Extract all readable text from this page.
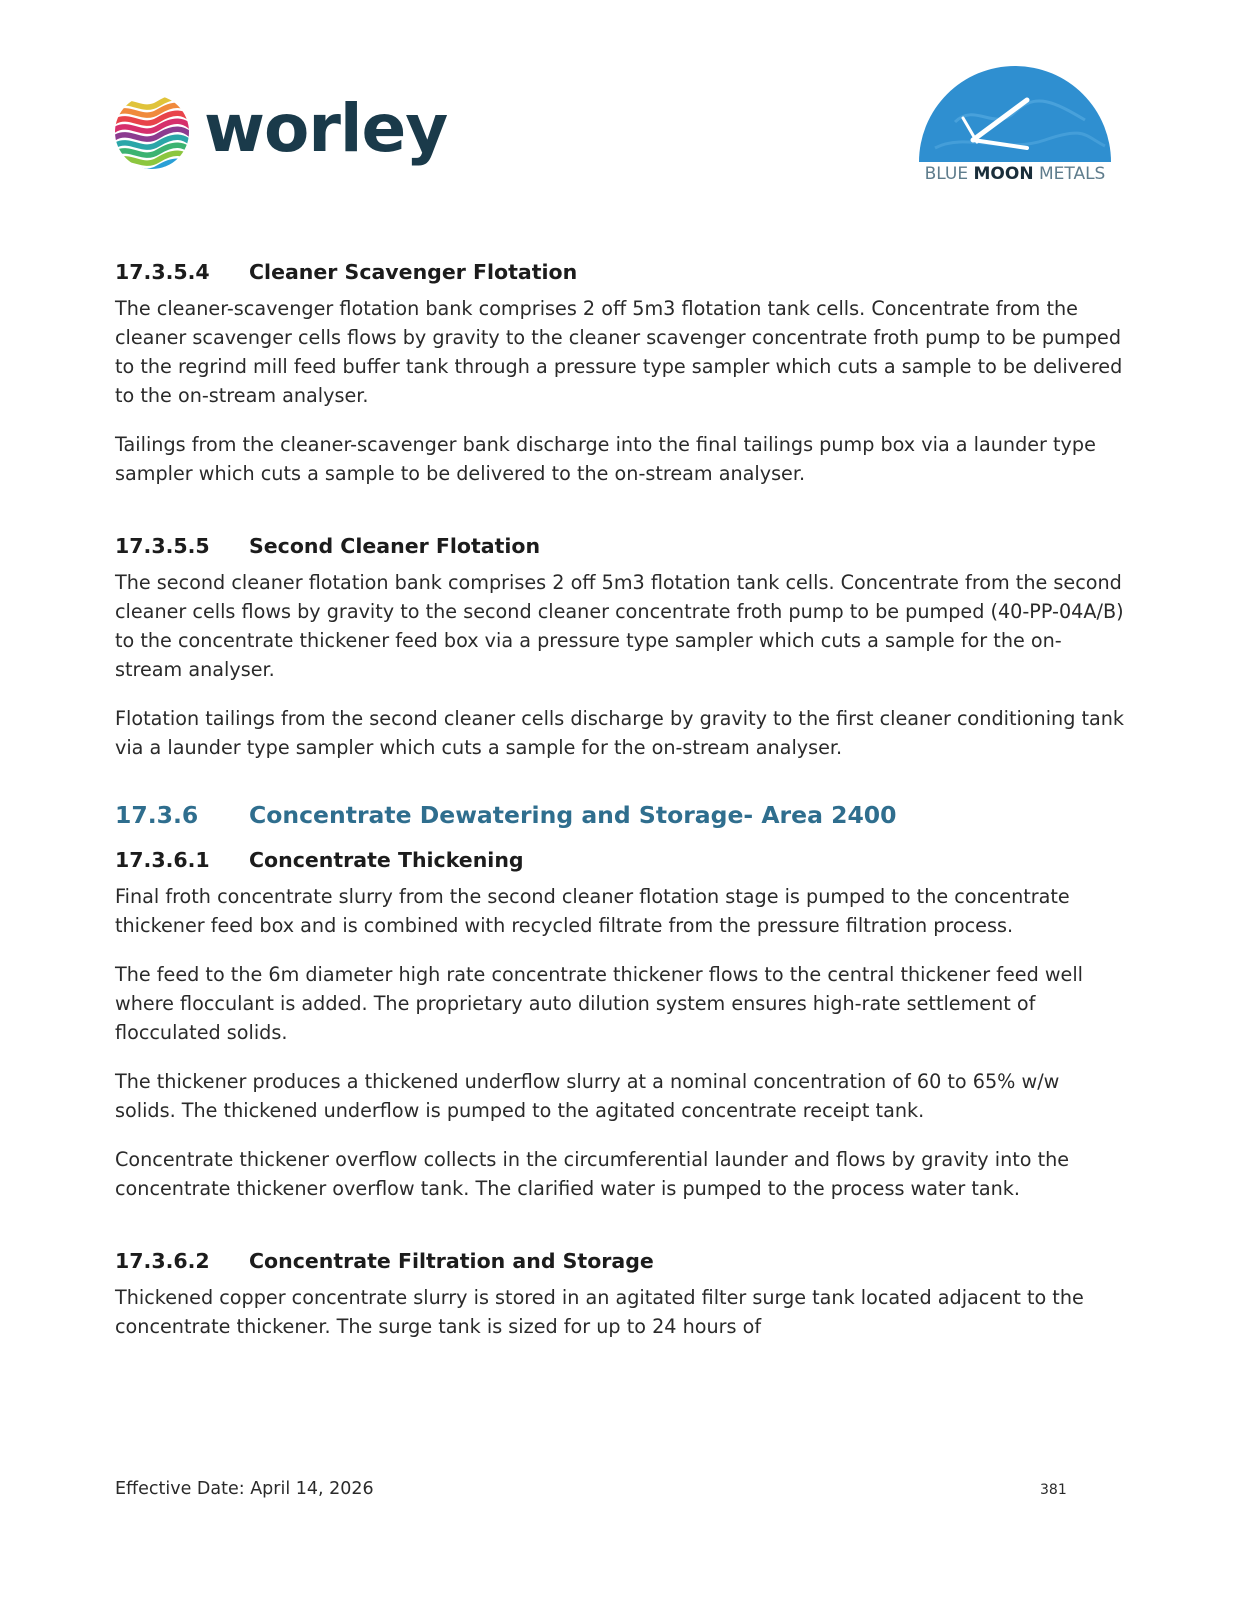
worley
BLUE MOON METALS
17.3.5.4 Cleaner Scavenger Flotation

The cleaner-scavenger flotation bank comprises 2 off 5m3 flotation tank cells. Concentrate from the cleaner scavenger cells flows by gravity to the cleaner scavenger concentrate froth pump to be pumped to the regrind mill feed buffer tank through a pressure type sampler which cuts a sample to be delivered to the on-stream analyser.

Tailings from the cleaner-scavenger bank discharge into the final tailings pump box via a launder type sampler which cuts a sample to be delivered to the on-stream analyser.

17.3.5.5 Second Cleaner Flotation

The second cleaner flotation bank comprises 2 off 5m3 flotation tank cells. Concentrate from the second cleaner cells flows by gravity to the second cleaner concentrate froth pump to be pumped (40-PP-04A/B) to the concentrate thickener feed box via a pressure type sampler which cuts a sample for the on-stream analyser.

Flotation tailings from the second cleaner cells discharge by gravity to the first cleaner conditioning tank via a launder type sampler which cuts a sample for the on-stream analyser.

17.3.6 Concentrate Dewatering and Storage- Area 2400
17.3.6.1 Concentrate Thickening

Final froth concentrate slurry from the second cleaner flotation stage is pumped to the concentrate thickener feed box and is combined with recycled filtrate from the pressure filtration process.

The feed to the 6m diameter high rate concentrate thickener flows to the central thickener feed well where flocculant is added. The proprietary auto dilution system ensures high-rate settlement of flocculated solids.

The thickener produces a thickened underflow slurry at a nominal concentration of 60 to 65% w/w solids. The thickened underflow is pumped to the agitated concentrate receipt tank.

Concentrate thickener overflow collects in the circumferential launder and flows by gravity into the concentrate thickener overflow tank. The clarified water is pumped to the process water tank.

17.3.6.2 Concentrate Filtration and Storage

Thickened copper concentrate slurry is stored in an agitated filter surge tank located adjacent to the concentrate thickener. The surge tank is sized for up to 24 hours of

Effective Date: April 14, 2026	381
